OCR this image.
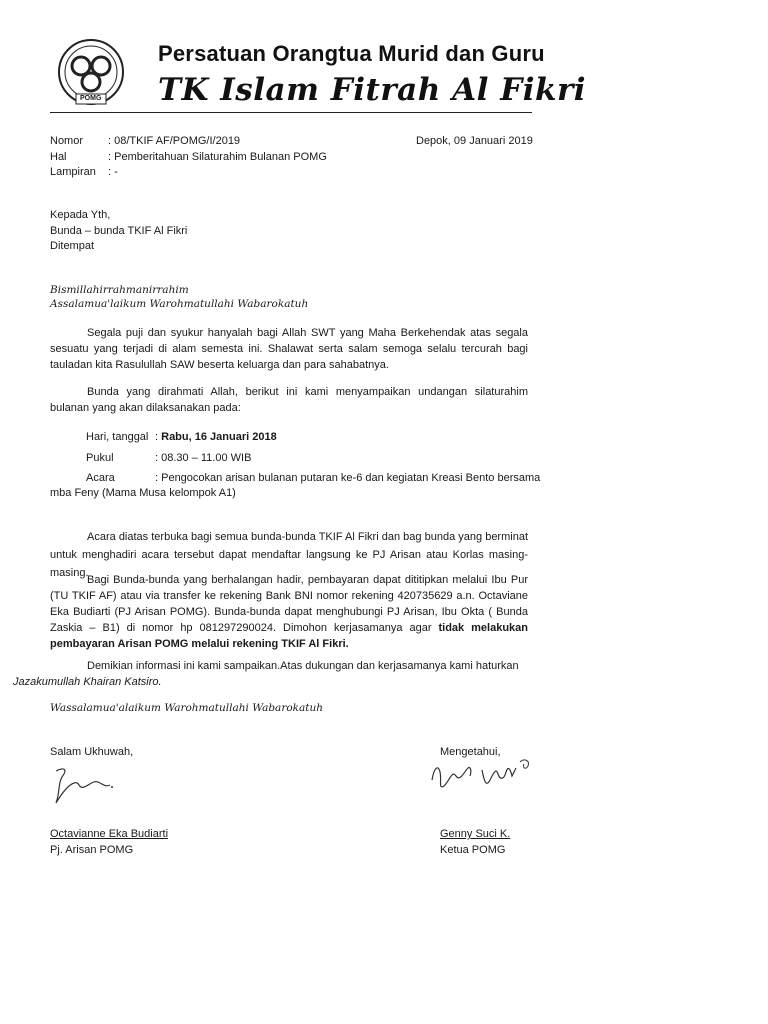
POMG
Persatuan Orangtua Murid dan Guru
TK Islam Fitrah Al Fikri
Nomor : 08/TKIF AF/POMG/I/2019	Depok, 09 Januari 2019
Hal	: Pemberitahuan Silaturahim Bulanan POMG
Lampiran : -
Kepada Yth,
Bunda – bunda TKIF Al Fikri
Ditempat
Bismillahirrahmanirrahim
Assalamua'laikum Warohmatullahi Wabarokatuh
Segala puji dan syukur hanyalah bagi Allah SWT yang Maha Berkehendak atas segala sesuatu yang terjadi di alam semesta ini. Shalawat serta salam semoga selalu tercurah bagi tauladan kita Rasulullah SAW beserta keluarga dan para sahabatnya.
Bunda yang dirahmati Allah, berikut ini kami menyampaikan undangan silaturahim bulanan yang akan dilaksanakan pada:
Hari, tanggal : Rabu, 16 Januari 2018
Pukul	: 08.30 – 11.00 WIB
Acara	: Pengocokan arisan bulanan putaran ke-6 dan kegiatan Kreasi Bento bersama
mba Feny (Mama Musa kelompok A1)
Acara diatas terbuka bagi semua bunda-bunda TKIF Al Fikri dan bag bunda yang berminat untuk menghadiri acara tersebut dapat mendaftar langsung ke PJ Arisan atau Korlas masing-masing.
Bagi Bunda-bunda yang berhalangan hadir, pembayaran dapat dititipkan melalui Ibu Pur (TU TKIF AF) atau via transfer ke rekening Bank BNI nomor rekening 420735629 a.n. Octaviane Eka Budiarti (PJ Arisan POMG). Bunda-bunda dapat menghubungi PJ Arisan, Ibu Okta ( Bunda Zaskia – B1) di nomor hp 081297290024. Dimohon kerjasamanya agar tidak melakukan pembayaran Arisan POMG melalui rekening TKIF Al Fikri.
Demikian informasi ini kami sampaikan.Atas dukungan dan kerjasamanya kami haturkan
Jazakumullah Khairan Katsiro.
Wassalamua'alaikum Warohmatullahi Wabarokatuh
Salam Ukhuwah,
Octavianne Eka Budiarti
Pj. Arisan POMG
Mengetahui,
Genny Suci K.
Ketua POMG
